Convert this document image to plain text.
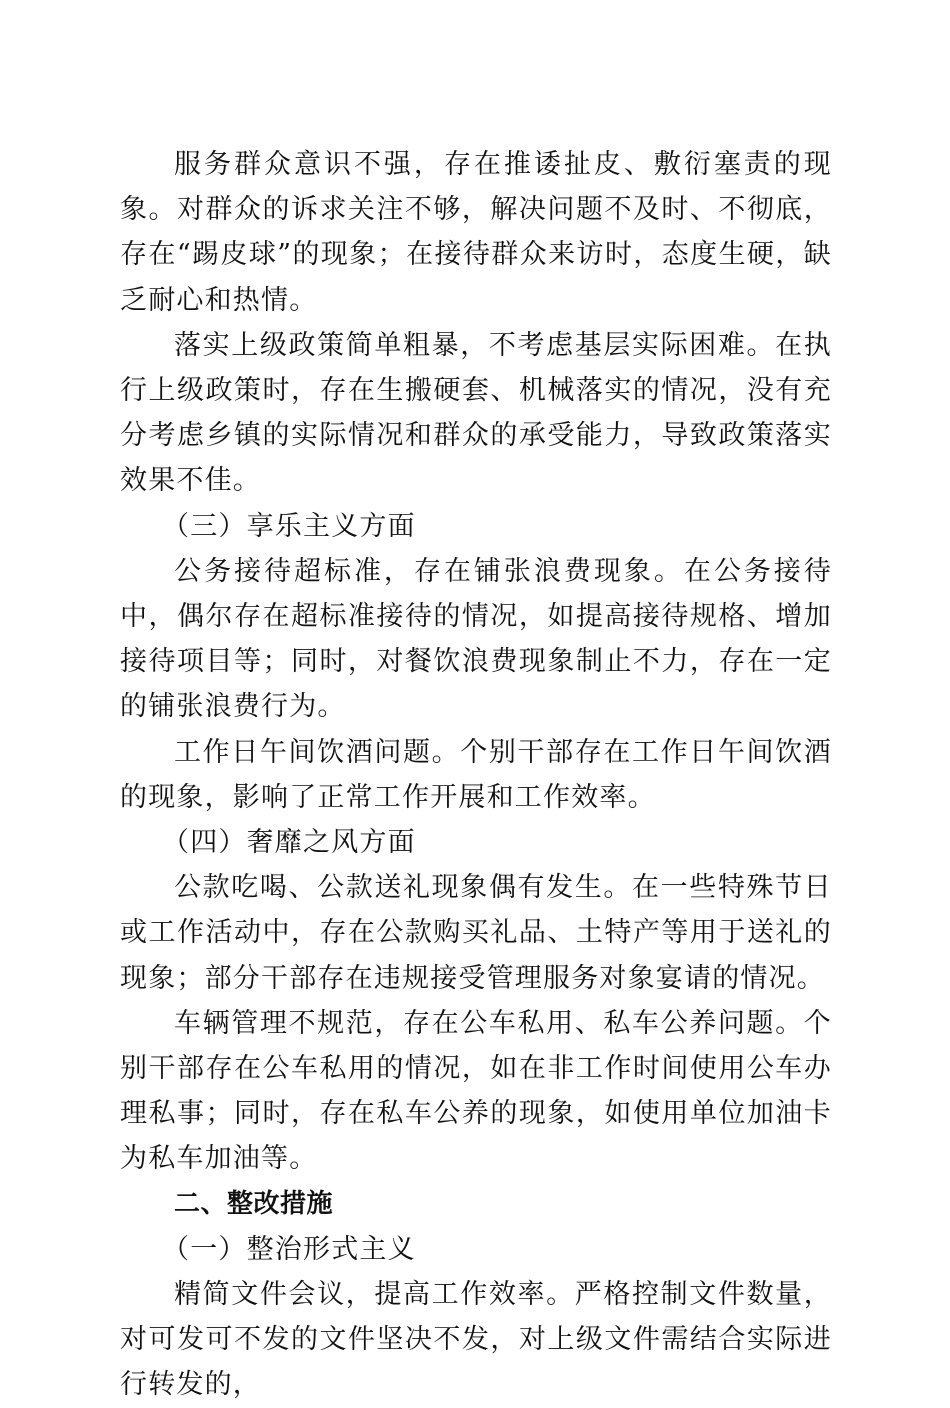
服务群众意识不强，存在推诿扯皮、敷衍塞责的现象。对群众的诉求关注不够，解决问题不及时、不彻底，存在“踢皮球”的现象；在接待群众来访时，态度生硬，缺乏耐心和热情。

落实上级政策简单粗暴，不考虑基层实际困难。在执行上级政策时，存在生搬硬套、机械落实的情况，没有充分考虑乡镇的实际情况和群众的承受能力，导致政策落实效果不佳。

（三）享乐主义方面

公务接待超标准，存在铺张浪费现象。在公务接待中，偶尔存在超标准接待的情况，如提高接待规格、增加接待项目等；同时，对餐饮浪费现象制止不力，存在一定的铺张浪费行为。

工作日午间饮酒问题。个别干部存在工作日午间饮酒的现象，影响了正常工作开展和工作效率。

（四）奢靡之风方面

公款吃喝、公款送礼现象偶有发生。在一些特殊节日或工作活动中，存在公款购买礼品、土特产等用于送礼的现象；部分干部存在违规接受管理服务对象宴请的情况。

车辆管理不规范，存在公车私用、私车公养问题。个别干部存在公车私用的情况，如在非工作时间使用公车办理私事；同时，存在私车公养的现象，如使用单位加油卡为私车加油等。

二、整改措施

（一）整治形式主义

精简文件会议，提高工作效率。严格控制文件数量，对可发可不发的文件坚决不发，对上级文件需结合实际进行转发的，
